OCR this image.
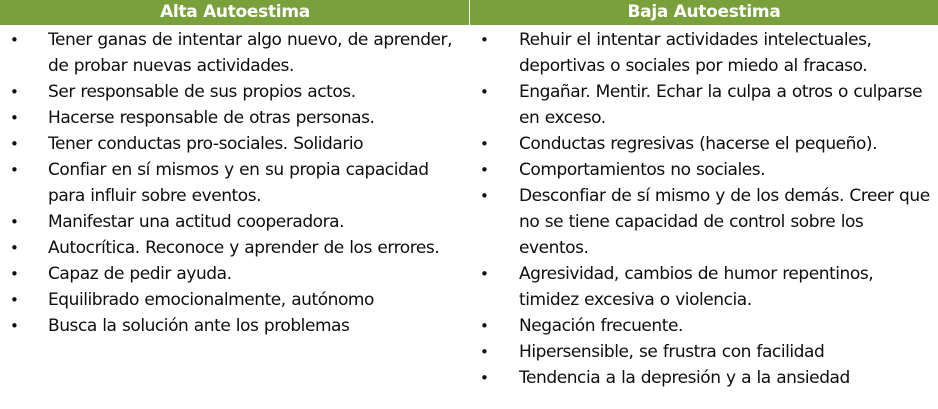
Alta Autoestima	Baja Autoestima
• Tener ganas de intentar algo nuevo, de aprender, de probar nuevas actividades.
• Ser responsable de sus propios actos.
• Hacerse responsable de otras personas.
• Tener conductas pro-sociales. Solidario
• Confiar en sí mismos y en su propia capacidad para influir sobre eventos.
• Manifestar una actitud cooperadora.
• Autocrítica. Reconoce y aprender de los errores.
• Capaz de pedir ayuda.
• Equilibrado emocionalmente, autónomo
• Busca la solución ante los problemas
• Rehuir el intentar actividades intelectuales, deportivas o sociales por miedo al fracaso.
• Engañar. Mentir. Echar la culpa a otros o culparse en exceso.
• Conductas regresivas (hacerse el pequeño).
• Comportamientos no sociales.
• Desconfiar de sí mismo y de los demás. Creer que no se tiene capacidad de control sobre los eventos.
• Agresividad, cambios de humor repentinos, timidez excesiva o violencia.
• Negación frecuente.
• Hipersensible, se frustra con facilidad
• Tendencia a la depresión y a la ansiedad
